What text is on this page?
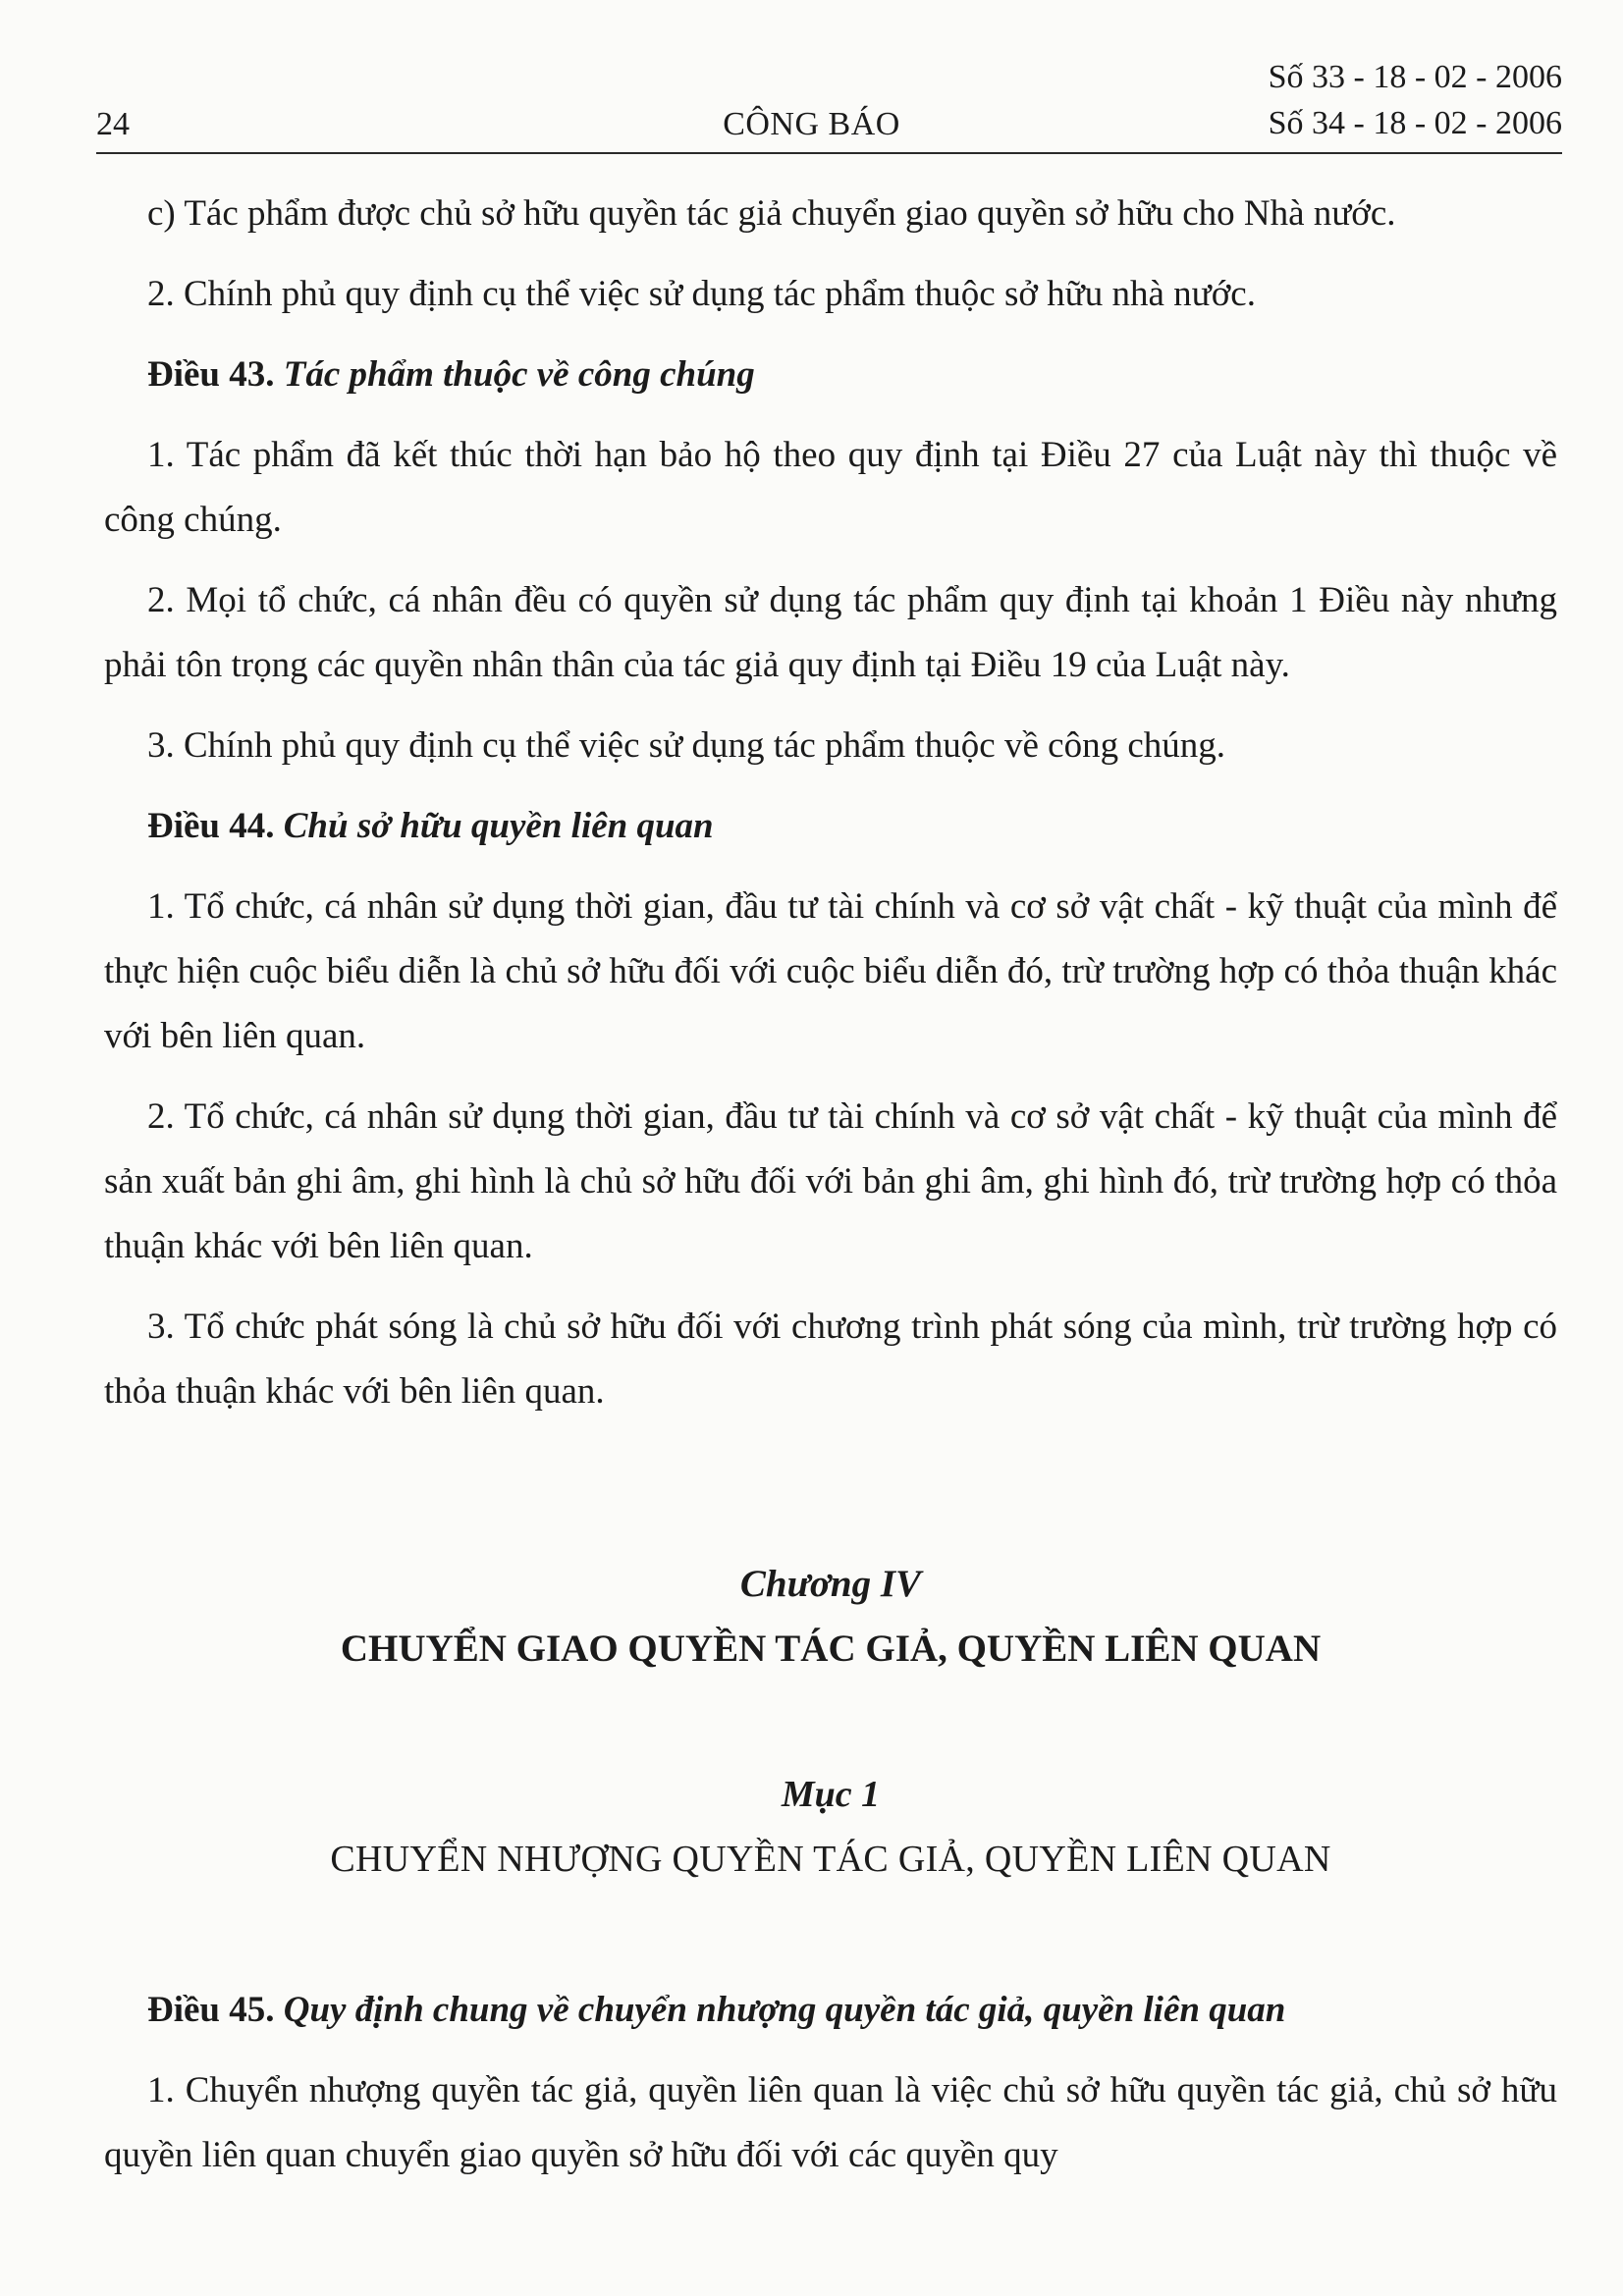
24	CÔNG BÁO
Số 33 - 18 - 02 - 2006
Số 34 - 18 - 02 - 2006

c) Tác phẩm được chủ sở hữu quyền tác giả chuyển giao quyền sở hữu cho Nhà nước.

2. Chính phủ quy định cụ thể việc sử dụng tác phẩm thuộc sở hữu nhà nước.

Điều 43. Tác phẩm thuộc về công chúng

1. Tác phẩm đã kết thúc thời hạn bảo hộ theo quy định tại Điều 27 của Luật này thì thuộc về công chúng.

2. Mọi tổ chức, cá nhân đều có quyền sử dụng tác phẩm quy định tại khoản 1 Điều này nhưng phải tôn trọng các quyền nhân thân của tác giả quy định tại Điều 19 của Luật này.

3. Chính phủ quy định cụ thể việc sử dụng tác phẩm thuộc về công chúng.

Điều 44. Chủ sở hữu quyền liên quan

1. Tổ chức, cá nhân sử dụng thời gian, đầu tư tài chính và cơ sở vật chất - kỹ thuật của mình để thực hiện cuộc biểu diễn là chủ sở hữu đối với cuộc biểu diễn đó, trừ trường hợp có thỏa thuận khác với bên liên quan.

2. Tổ chức, cá nhân sử dụng thời gian, đầu tư tài chính và cơ sở vật chất - kỹ thuật của mình để sản xuất bản ghi âm, ghi hình là chủ sở hữu đối với bản ghi âm, ghi hình đó, trừ trường hợp có thỏa thuận khác với bên liên quan.

3. Tổ chức phát sóng là chủ sở hữu đối với chương trình phát sóng của mình, trừ trường hợp có thỏa thuận khác với bên liên quan.

Chương IV

CHUYỂN GIAO QUYỀN TÁC GIẢ, QUYỀN LIÊN QUAN

Mục 1

CHUYỂN NHƯỢNG QUYỀN TÁC GIẢ, QUYỀN LIÊN QUAN

Điều 45. Quy định chung về chuyển nhượng quyền tác giả, quyền liên quan

1. Chuyển nhượng quyền tác giả, quyền liên quan là việc chủ sở hữu quyền tác giả, chủ sở hữu quyền liên quan chuyển giao quyền sở hữu đối với các quyền quy
